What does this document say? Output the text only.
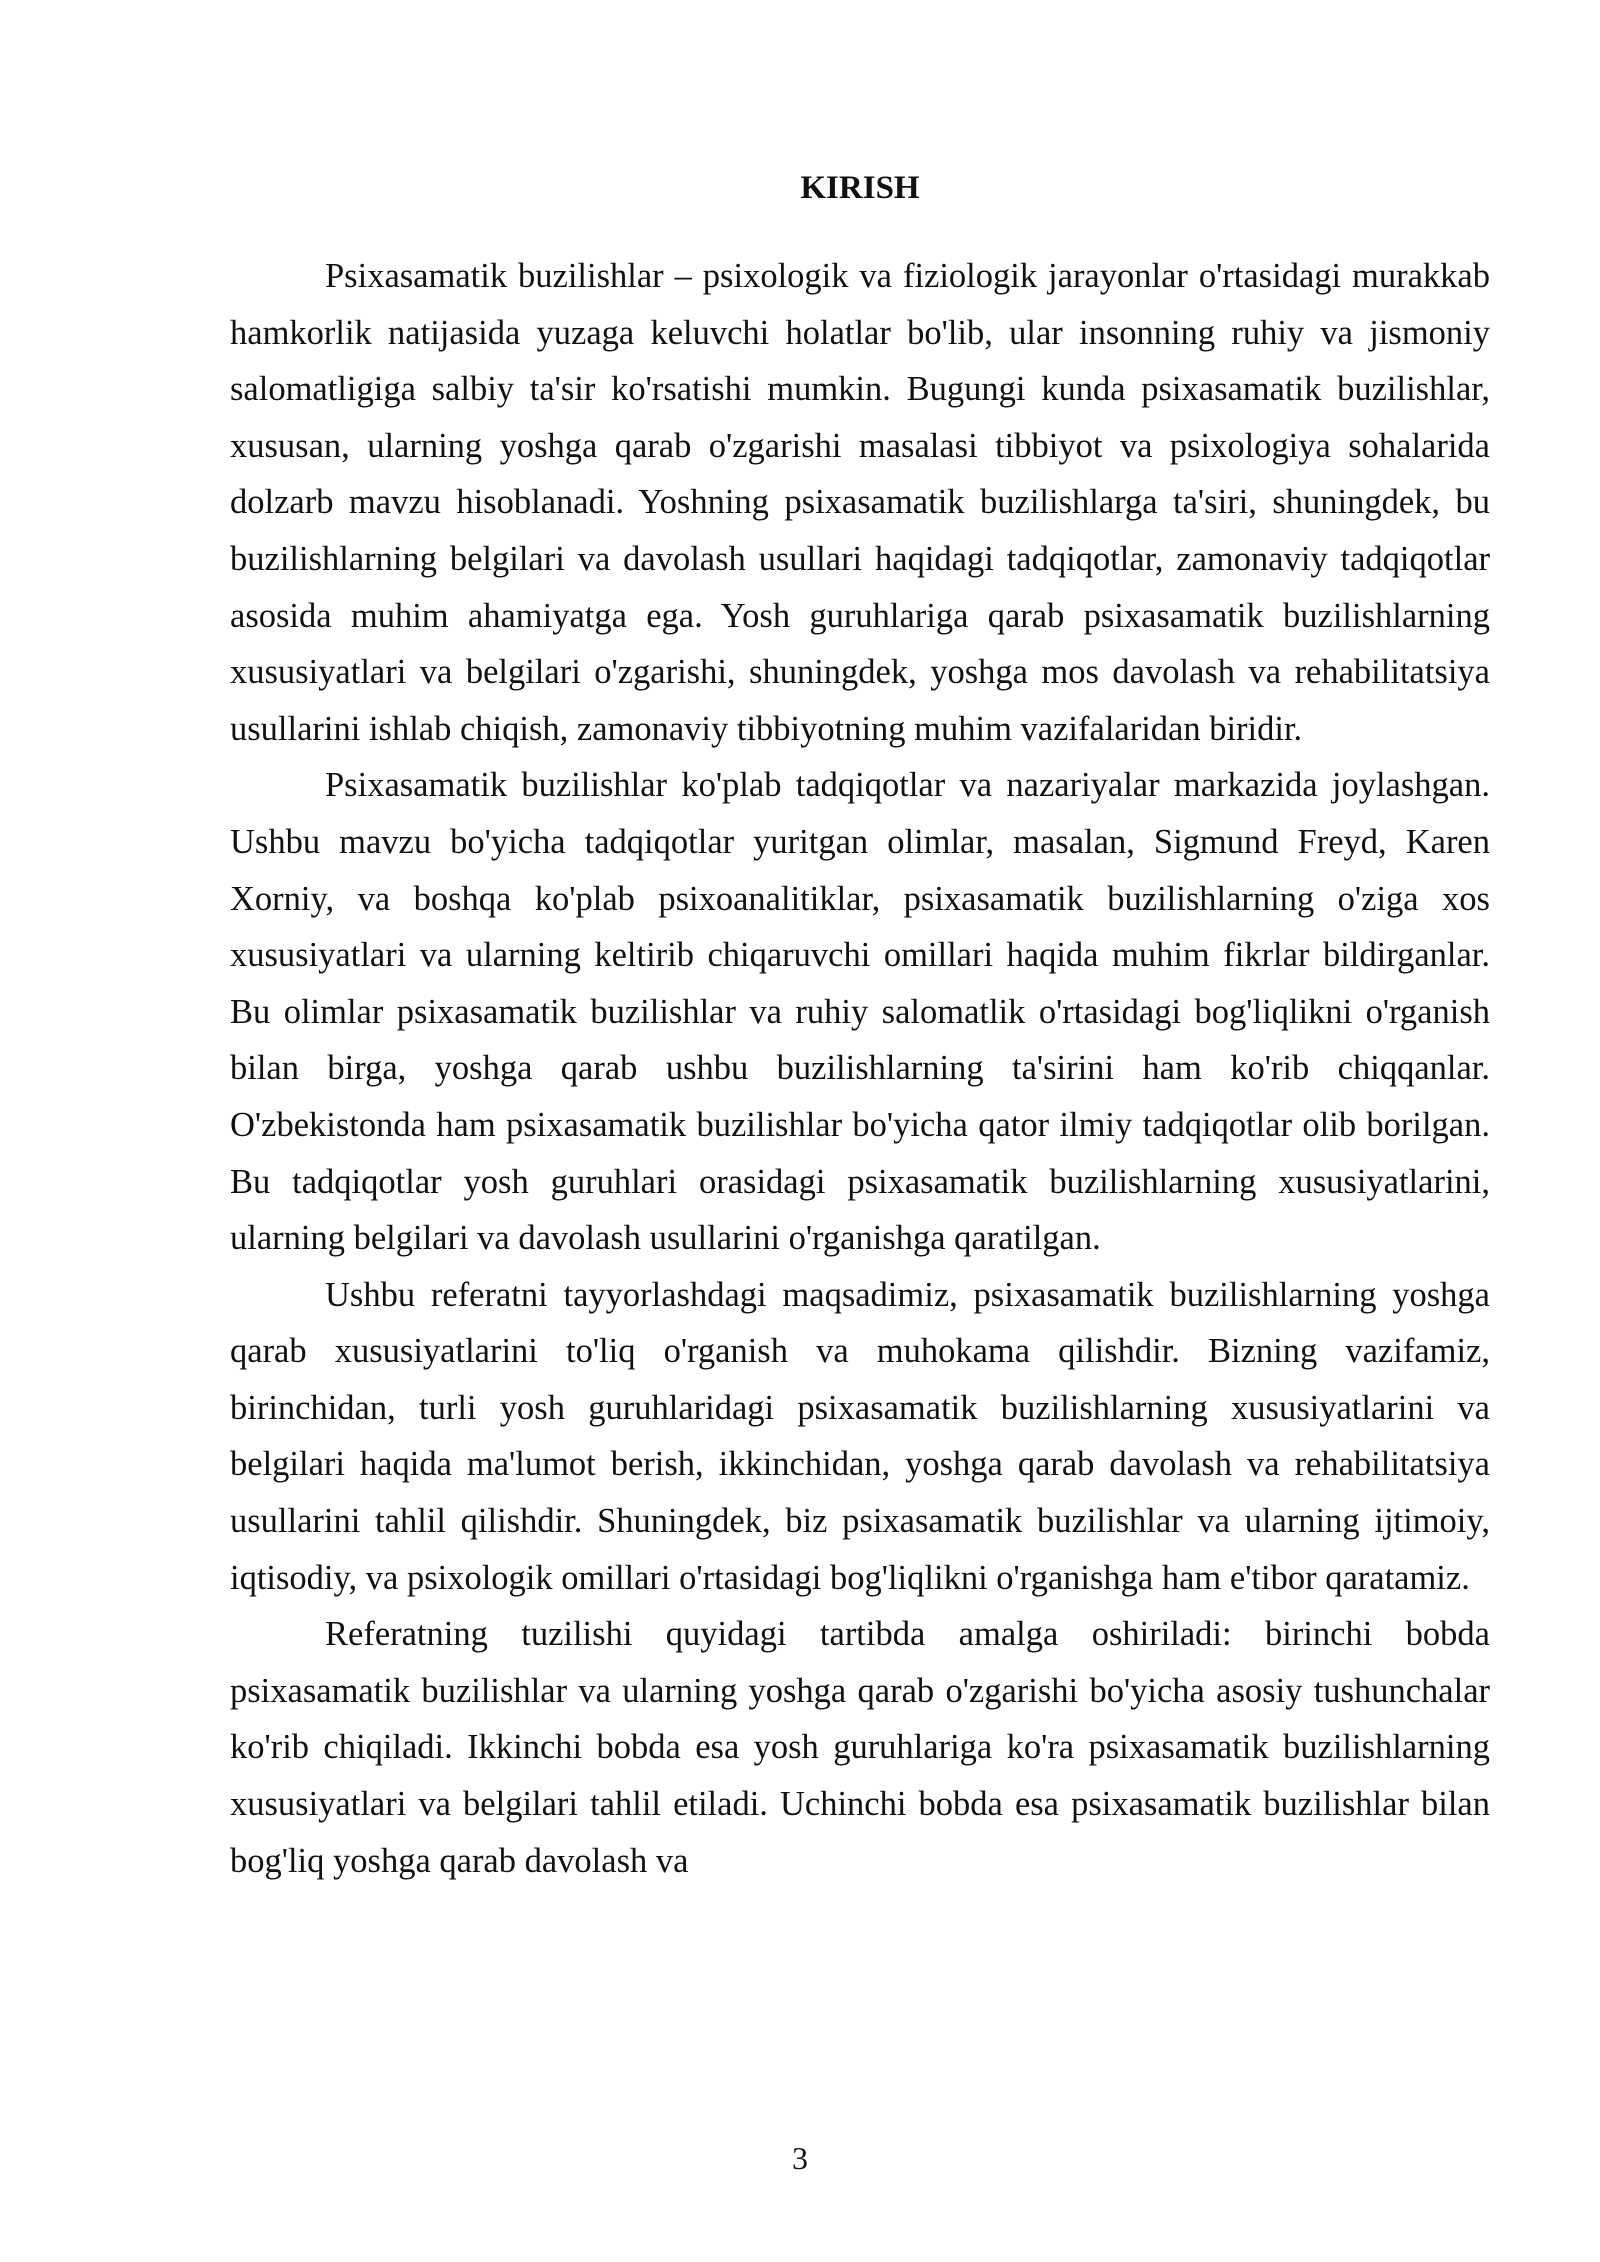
KIRISH

Psixasamatik buzilishlar – psixologik va fiziologik jarayonlar o'rtasidagi murakkab hamkorlik natijasida yuzaga keluvchi holatlar bo'lib, ular insonning ruhiy va jismoniy salomatligiga salbiy ta'sir ko'rsatishi mumkin. Bugungi kunda psixasamatik buzilishlar, xususan, ularning yoshga qarab o'zgarishi masalasi tibbiyot va psixologiya sohalarida dolzarb mavzu hisoblanadi. Yoshning psixasamatik buzilishlarga ta'siri, shuningdek, bu buzilishlarning belgilari va davolash usullari haqidagi tadqiqotlar, zamonaviy tadqiqotlar asosida muhim ahamiyatga ega. Yosh guruhlariga qarab psixasamatik buzilishlarning xususiyatlari va belgilari o'zgarishi, shuningdek, yoshga mos davolash va rehabilitatsiya usullarini ishlab chiqish, zamonaviy tibbiyotning muhim vazifalaridan biridir.

Psixasamatik buzilishlar ko'plab tadqiqotlar va nazariyalar markazida joylashgan. Ushbu mavzu bo'yicha tadqiqotlar yuritgan olimlar, masalan, Sigmund Freyd, Karen Xorniy, va boshqa ko'plab psixoanalitiklar, psixasamatik buzilishlarning o'ziga xos xususiyatlari va ularning keltirib chiqaruvchi omillari haqida muhim fikrlar bildirganlar. Bu olimlar psixasamatik buzilishlar va ruhiy salomatlik o'rtasidagi bog'liqlikni o'rganish bilan birga, yoshga qarab ushbu buzilishlarning ta'sirini ham ko'rib chiqqanlar. O'zbekistonda ham psixasamatik buzilishlar bo'yicha qator ilmiy tadqiqotlar olib borilgan. Bu tadqiqotlar yosh guruhlari orasidagi psixasamatik buzilishlarning xususiyatlarini, ularning belgilari va davolash usullarini o'rganishga qaratilgan.

Ushbu referatni tayyorlashdagi maqsadimiz, psixasamatik buzilishlarning yoshga qarab xususiyatlarini to'liq o'rganish va muhokama qilishdir. Bizning vazifamiz, birinchidan, turli yosh guruhlaridagi psixasamatik buzilishlarning xususiyatlarini va belgilari haqida ma'lumot berish, ikkinchidan, yoshga qarab davolash va rehabilitatsiya usullarini tahlil qilishdir. Shuningdek, biz psixasamatik buzilishlar va ularning ijtimoiy, iqtisodiy, va psixologik omillari o'rtasidagi bog'liqlikni o'rganishga ham e'tibor qaratamiz.

Referatning tuzilishi quyidagi tartibda amalga oshiriladi: birinchi bobda psixasamatik buzilishlar va ularning yoshga qarab o'zgarishi bo'yicha asosiy tushunchalar ko'rib chiqiladi. Ikkinchi bobda esa yosh guruhlariga ko'ra psixasamatik buzilishlarning xususiyatlari va belgilari tahlil etiladi. Uchinchi bobda esa psixasamatik buzilishlar bilan bog'liq yoshga qarab davolash va

3
